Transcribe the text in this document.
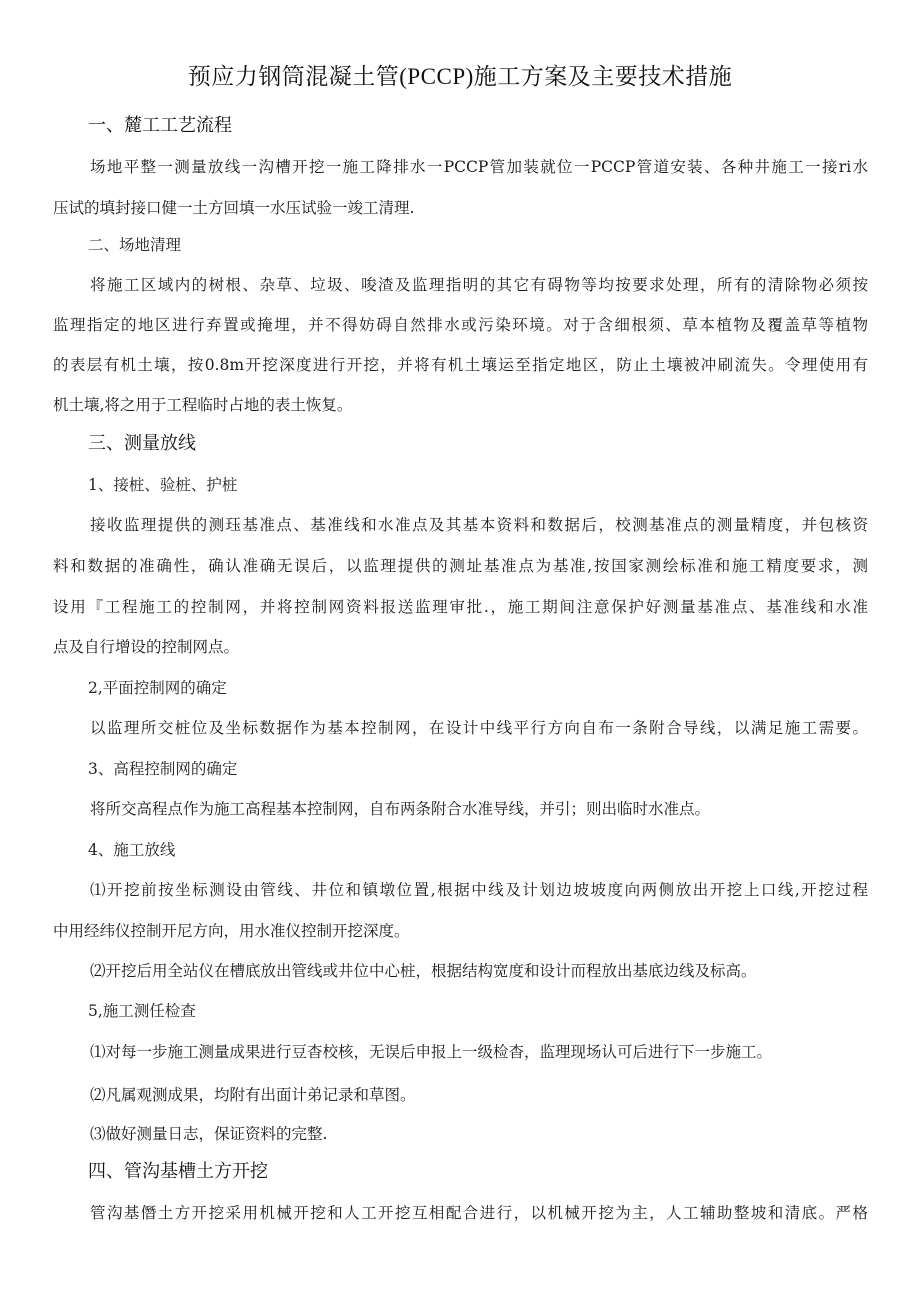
预应力钢筒混凝土管(PCCP)施工方案及主要技术措施
一、麓工工艺流程
场地平整一测量放线一沟槽开挖一施工降排水一PCCP管加装就位一PCCP管道安装、各种井施工一接ri水
压试的填封接口健一土方回填一水压试验一竣工清理.
二、场地清理
将施工区域内的树根、杂草、垃圾、唆渣及监理指明的其它有碍物等均按要求处理，所有的清除物必须按
监理指定的地区进行弃置或掩埋，并不得妨碍自然排水或污染环境。对于含细根须、草本植物及覆盖草等植物
的表层有机土壤，按0.8m开挖深度进行开挖，并将有机土壤运至指定地区，防止土壤被冲刷流失。令理使用有
机土壤,将之用于工程临时占地的表土恢复。
三、测量放线
1、接桩、验桩、护桩
接收监理提供的测珏基准点、基准线和水准点及其基本资料和数据后，校测基准点的测量精度，并包核资
料和数据的准确性，确认准确无误后，以监理提供的测址基准点为基准,按国家测绘标准和施工精度要求，测
设用『工程施工的控制网，并将控制网资料报送监理审批.，施工期间注意保护好测量基准点、基准线和水准
点及自行增设的控制网点。
2,平面控制网的确定
以监理所交桩位及坐标数据作为基本控制网，在设计中线平行方向自布一条附合导线，以满足施工需要。
3、高程控制网的确定
将所交高程点作为施工高程基本控制网，自布两条附合水准导线，并引；则出临时水准点。
4、施工放线
⑴开挖前按坐标测设由管线、井位和镇墩位置,根据中线及计划边坡坡度向两侧放出开挖上口线,开挖过程
中用经纬仪控制开尼方向，用水准仪控制开挖深度。
⑵开挖后用全站仪在槽底放出管线或井位中心桩，根据结构宽度和设计而程放出基底边线及标高。
5,施工测任检查
⑴对每一步施工测量成果进行豆杳校核，无误后申报上一级检杳，监理现场认可后进行下一步施工。
⑵凡属观测成果，均附有出面计弟记录和草图。
⑶做好测量日志，保证资料的完整.
四、管沟基槽土方开挖
管沟基僭土方开挖采用机械开挖和人工开挖互相配合进行，以机械开挖为主，人工辅助整坡和清底。严格
